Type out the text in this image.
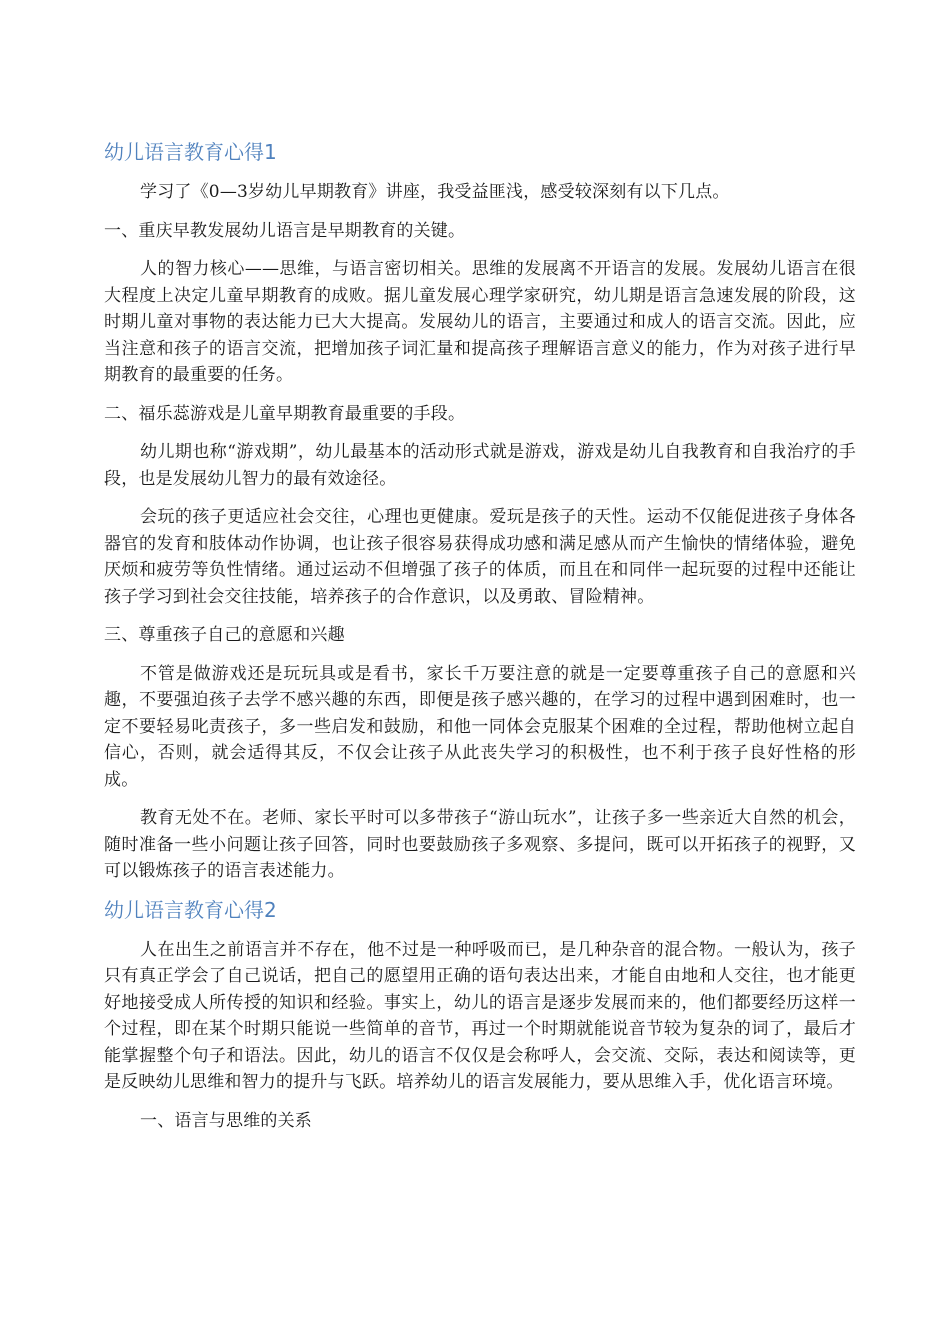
幼儿语言教育心得1

学习了《0—3岁幼儿早期教育》讲座，我受益匪浅，感受较深刻有以下几点。

一、重庆早教发展幼儿语言是早期教育的关键。

人的智力核心——思维，与语言密切相关。思维的发展离不开语言的发展。发展幼儿语言在很大程度上决定儿童早期教育的成败。据儿童发展心理学家研究，幼儿期是语言急速发展的阶段，这时期儿童对事物的表达能力已大大提高。发展幼儿的语言，主要通过和成人的语言交流。因此，应当注意和孩子的语言交流，把增加孩子词汇量和提高孩子理解语言意义的能力，作为对孩子进行早期教育的最重要的任务。

二、福乐蕊游戏是儿童早期教育最重要的手段。

幼儿期也称“游戏期”，幼儿最基本的活动形式就是游戏，游戏是幼儿自我教育和自我治疗的手段，也是发展幼儿智力的最有效途径。

会玩的孩子更适应社会交往，心理也更健康。爱玩是孩子的天性。运动不仅能促进孩子身体各器官的发育和肢体动作协调，也让孩子很容易获得成功感和满足感从而产生愉快的情绪体验，避免厌烦和疲劳等负性情绪。通过运动不但增强了孩子的体质，而且在和同伴一起玩耍的过程中还能让孩子学习到社会交往技能，培养孩子的合作意识，以及勇敢、冒险精神。

三、尊重孩子自己的意愿和兴趣

不管是做游戏还是玩玩具或是看书，家长千万要注意的就是一定要尊重孩子自己的意愿和兴趣，不要强迫孩子去学不感兴趣的东西，即便是孩子感兴趣的，在学习的过程中遇到困难时，也一定不要轻易叱责孩子，多一些启发和鼓励，和他一同体会克服某个困难的全过程，帮助他树立起自信心，否则，就会适得其反，不仅会让孩子从此丧失学习的积极性，也不利于孩子良好性格的形成。

教育无处不在。老师、家长平时可以多带孩子“游山玩水”，让孩子多一些亲近大自然的机会，随时准备一些小问题让孩子回答，同时也要鼓励孩子多观察、多提问，既可以开拓孩子的视野，又可以锻炼孩子的语言表述能力。

幼儿语言教育心得2

人在出生之前语言并不存在，他不过是一种呼吸而已，是几种杂音的混合物。一般认为，孩子只有真正学会了自己说话，把自己的愿望用正确的语句表达出来，才能自由地和人交往，也才能更好地接受成人所传授的知识和经验。事实上，幼儿的语言是逐步发展而来的，他们都要经历这样一个过程，即在某个时期只能说一些简单的音节，再过一个时期就能说音节较为复杂的词了，最后才能掌握整个句子和语法。因此，幼儿的语言不仅仅是会称呼人，会交流、交际，表达和阅读等，更是反映幼儿思维和智力的提升与飞跃。培养幼儿的语言发展能力，要从思维入手，优化语言环境。

一、语言与思维的关系
